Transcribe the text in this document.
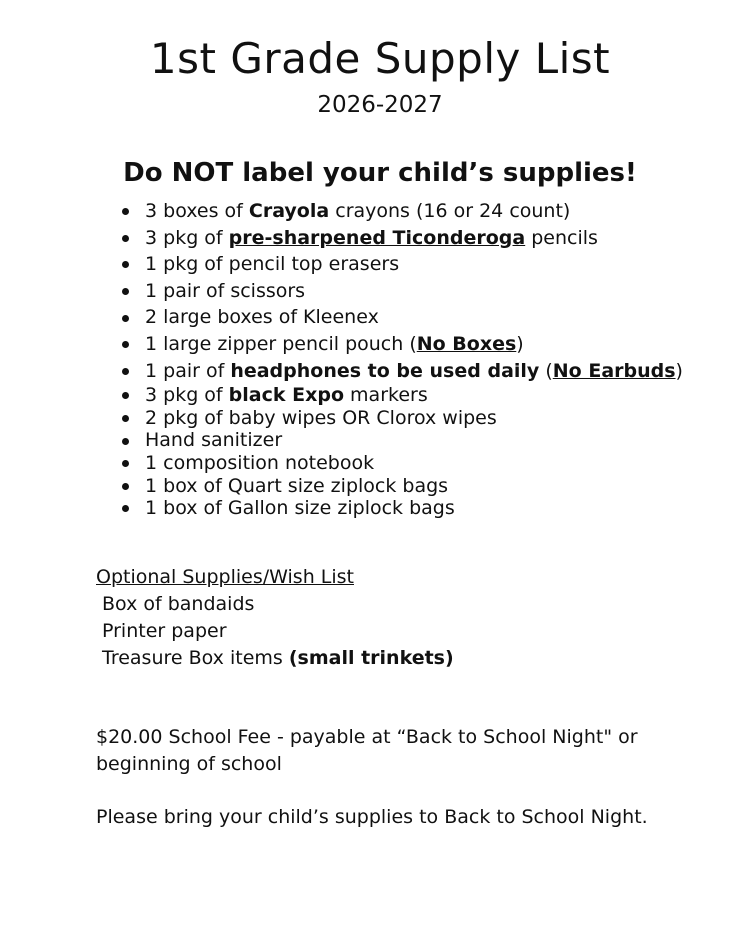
1st Grade Supply List
2026-2027
Do NOT label your child’s supplies!
3 boxes of Crayola crayons (16 or 24 count)
3 pkg of pre-sharpened Ticonderoga pencils
1 pkg of pencil top erasers
1 pair of scissors
2 large boxes of Kleenex
1 large zipper pencil pouch (No Boxes)
1 pair of headphones to be used daily (No Earbuds)
3 pkg of black Expo markers
2 pkg of baby wipes OR Clorox wipes
Hand sanitizer
1 composition notebook
1 box of Quart size ziplock bags
1 box of Gallon size ziplock bags
Optional Supplies/Wish List
Box of bandaids
Printer paper
Treasure Box items (small trinkets)

$20.00 School Fee - payable at “Back to School Night" or beginning of school

Please bring your child’s supplies to Back to School Night.
